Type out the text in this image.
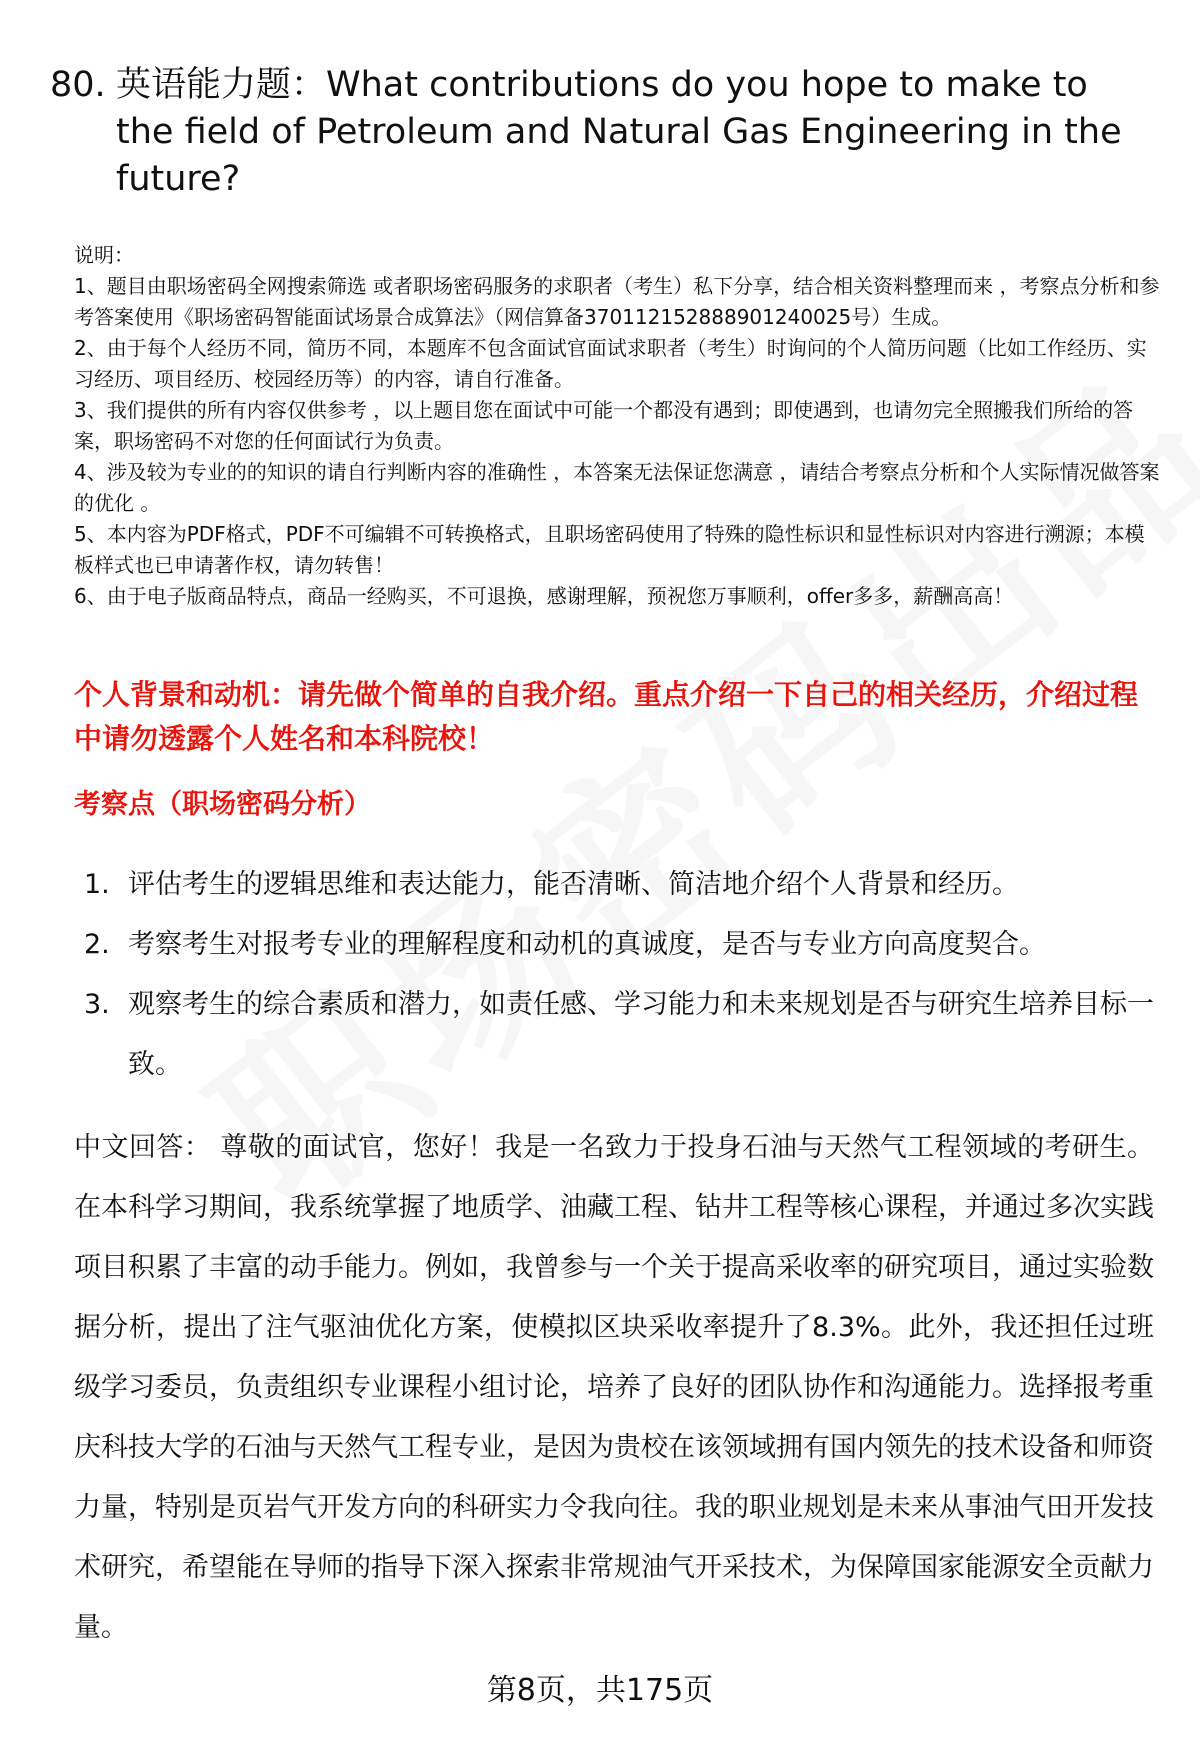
80. 英语能力题：What contributions do you hope to make to the field of Petroleum and Natural Gas Engineering in the future?

说明：

1、题目由职场密码全网搜索筛选 或者职场密码服务的求职者（考生）私下分享，结合相关资料整理而来 ，考察点分析和参考答案使用《职场密码智能面试场景合成算法》（网信算备370112152888901240025号）生成。

2、由于每个人经历不同，简历不同，本题库不包含面试官面试求职者（考生）时询问的个人简历问题（比如工作经历、实习经历、项目经历、校园经历等）的内容，请自行准备。

3、我们提供的所有内容仅供参考 ，以上题目您在面试中可能一个都没有遇到；即使遇到，也请勿完全照搬我们所给的答案，职场密码不对您的任何面试行为负责。

4、涉及较为专业的的知识的请自行判断内容的准确性 ，本答案无法保证您满意 ，请结合考察点分析和个人实际情况做答案的优化 。

5、本内容为PDF格式，PDF不可编辑不可转换格式，且职场密码使用了特殊的隐性标识和显性标识对内容进行溯源；本模板样式也已申请著作权，请勿转售！

6、由于电子版商品特点，商品一经购买，不可退换，感谢理解，预祝您万事顺利，offer多多，薪酬高高！

个人背景和动机：请先做个简单的自我介绍。重点介绍一下自己的相关经历，介绍过程中请勿透露个人姓名和本科院校！
考察点（职场密码分析）
1. 评估考生的逻辑思维和表达能力，能否清晰、简洁地介绍个人背景和经历。
2. 考察考生对报考专业的理解程度和动机的真诚度，是否与专业方向高度契合。
3. 观察考生的综合素质和潜力，如责任感、学习能力和未来规划是否与研究生培养目标一致。
中文回答： 尊敬的面试官，您好！我是一名致力于投身石油与天然气工程领域的考研生。在本科学习期间，我系统掌握了地质学、油藏工程、钻井工程等核心课程，并通过多次实践项目积累了丰富的动手能力。例如，我曾参与一个关于提高采收率的研究项目，通过实验数据分析，提出了注气驱油优化方案，使模拟区块采收率提升了8.3%。此外，我还担任过班级学习委员，负责组织专业课程小组讨论，培养了良好的团队协作和沟通能力。选择报考重庆科技大学的石油与天然气工程专业，是因为贵校在该领域拥有国内领先的技术设备和师资力量，特别是页岩气开发方向的科研实力令我向往。我的职业规划是未来从事油气田开发技术研究，希望能在导师的指导下深入探索非常规油气开采技术，为保障国家能源安全贡献力量。
第8页，共175页
